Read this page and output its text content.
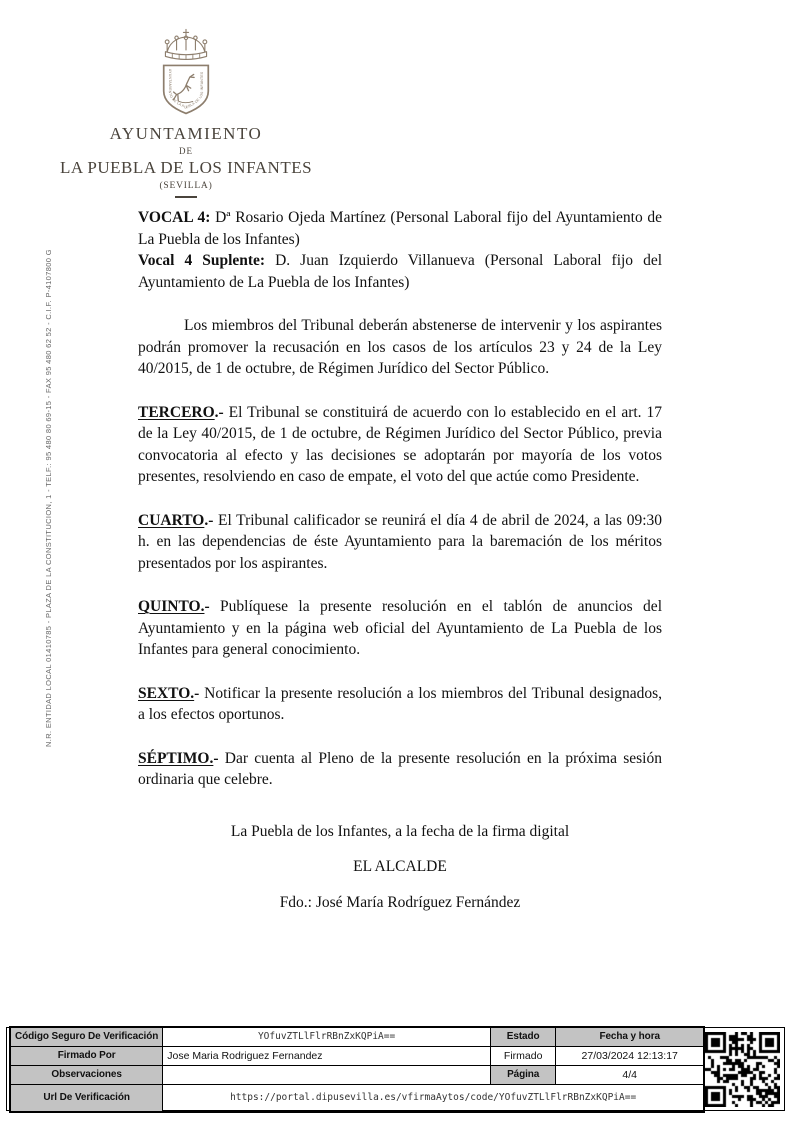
N.R. ENTIDAD LOCAL 01410785 - PLAZA DE LA CONSTITUCION, 1 - TELF.: 95 480 80 69-15 - FAX 95 480 62 52 - C.I.F. P-4107800 G
AYUNTAMIENTO DE LA PUEBLA DE LOS INFANTES
AYUNTAMIENTO
DE
LA PUEBLA DE LOS INFANTES
(SEVILLA)

VOCAL 4: Dª Rosario Ojeda Martínez (Personal Laboral fijo del Ayuntamiento de La Puebla de los Infantes)

Vocal 4 Suplente: D. Juan Izquierdo Villanueva (Personal Laboral fijo del Ayuntamiento de La Puebla de los Infantes)

Los miembros del Tribunal deberán abstenerse de intervenir y los aspirantes podrán promover la recusación en los casos de los artículos 23 y 24 de la Ley 40/2015, de 1 de octubre, de Régimen Jurídico del Sector Público.

TERCERO.- El Tribunal se constituirá de acuerdo con lo establecido en el art. 17 de la Ley 40/2015, de 1 de octubre, de Régimen Jurídico del Sector Público, previa convocatoria al efecto y las decisiones se adoptarán por mayoría de los votos presentes, resolviendo en caso de empate, el voto del que actúe como Presidente.

CUARTO.- El Tribunal calificador se reunirá el día 4 de abril de 2024, a las 09:30 h. en las dependencias de éste Ayuntamiento para la baremación de los méritos presentados por los aspirantes.

QUINTO.- Publíquese la presente resolución en el tablón de anuncios del Ayuntamiento y en la página web oficial del Ayuntamiento de La Puebla de los Infantes para general conocimiento.

SEXTO.- Notificar la presente resolución a los miembros del Tribunal designados, a los efectos oportunos.

SÉPTIMO.- Dar cuenta al Pleno de la presente resolución en la próxima sesión ordinaria que celebre.

La Puebla de los Infantes, a la fecha de la firma digital

EL ALCALDE

Fdo.: José María Rodríguez Fernández

Código Seguro De Verificación	YOfuvZTLlFlrRBnZxKQPiA==	Estado	Fecha y hora
Firmado Por	Jose Maria Rodriguez Fernandez	Firmado	27/03/2024 12:13:17
Observaciones		Página	4/4
Url De Verificación	https://portal.dipusevilla.es/vfirmaAytos/code/YOfuvZTLlFlrRBnZxKQPiA==		
